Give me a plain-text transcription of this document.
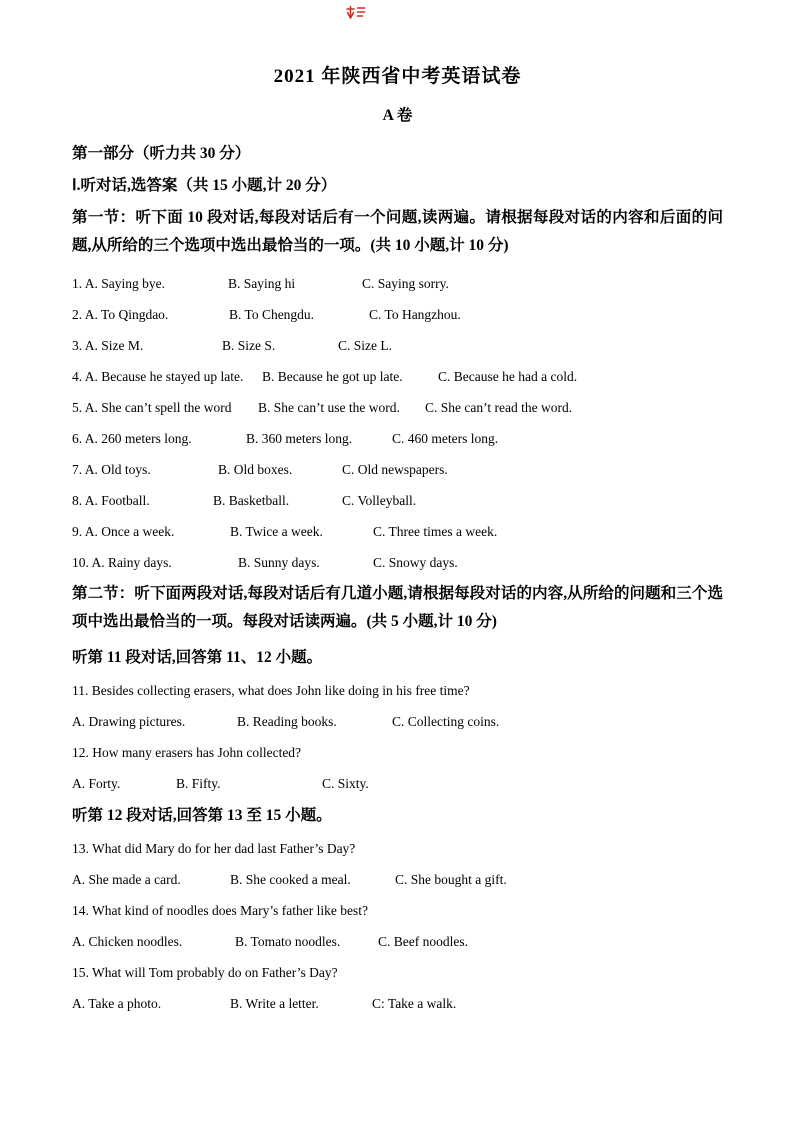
2021 年陕西省中考英语试卷
A 卷
第一部分（听力共 30 分）
Ⅰ.听对话,选答案（共 15 小题,计 20 分）
第一节：听下面 10 段对话,每段对话后有一个问题,读两遍。请根据每段对话的内容和后面的问题,从所给的三个选项中选出最恰当的一项。(共 10 小题,计 10 分)
1. A. Saying bye.	B. Saying hi	C. Saying sorry.
2. A. To Qingdao.	B. To Chengdu.	C. To Hangzhou.
3. A. Size M.	B. Size S.	C. Size L.
4. A. Because he stayed up late. B. Because he got up late.	C. Because he had a cold.
5. A. She can’t spell the word B. She can’t use the word. C. She can’t read the word.
6. A. 260 meters long.	B. 360 meters long.	C. 460 meters long.
7. A. Old toys.	B. Old boxes.	C. Old newspapers.
8. A. Football.	B. Basketball.	C. Volleyball.
9. A. Once a week.	B. Twice a week.	C. Three times a week.
10. A. Rainy days.	B. Sunny days.	C. Snowy days.
第二节：听下面两段对话,每段对话后有几道小题,请根据每段对话的内容,从所给的问题和三个选项中选出最恰当的一项。每段对话读两遍。(共 5 小题,计 10 分)
听第 11 段对话,回答第 11、12 小题。
11. Besides collecting erasers, what does John like doing in his free time?
A. Drawing pictures.	B. Reading books.	C. Collecting coins.
12. How many erasers has John collected?
A. Forty.	B. Fifty.	C. Sixty.
听第 12 段对话,回答第 13 至 15 小题。
13. What did Mary do for her dad last Father’s Day?
A. She made a card.	B. She cooked a meal.	C. She bought a gift.
14. What kind of noodles does Mary’s father like best?
A. Chicken noodles.	B. Tomato noodles.	C. Beef noodles.
15. What will Tom probably do on Father’s Day?
A. Take a photo.	B. Write a letter.	C: Take a walk.
